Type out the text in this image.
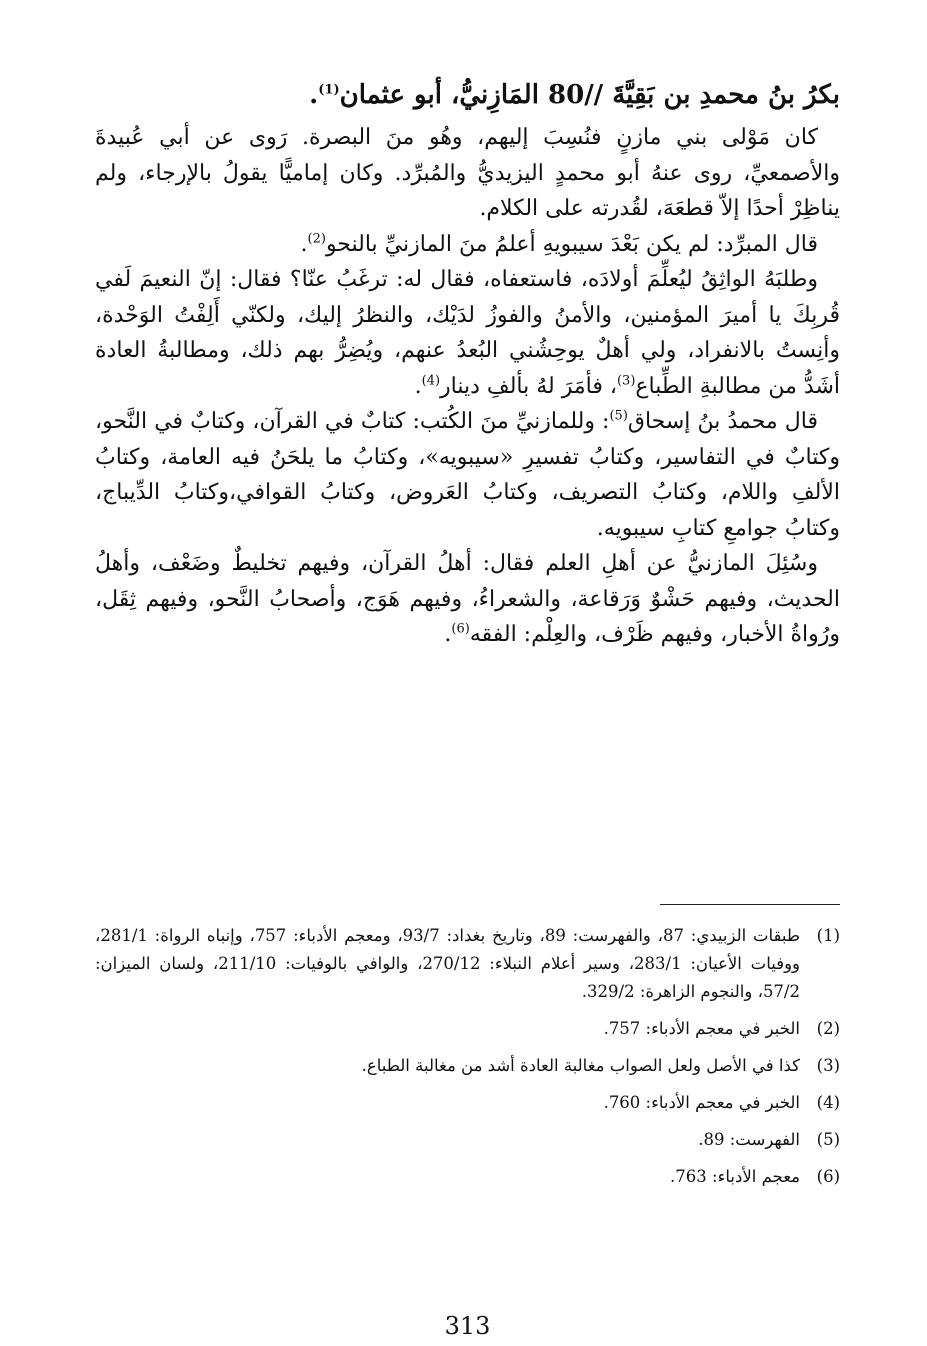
بكرُ بنُ محمدِ بن بَقِيَّةَ //80 المَازِنيُّ، أبو عثمان$^{(1)}$.

كان مَوْلى بني مازنٍ فنُسِبَ إليهم، وهُو منَ البصرة. رَوى عن أبي عُبيدةَ والأصمعيِّ، روى عنهُ أبو محمدٍ اليزيديُّ والمُبرِّد. وكان إماميًّا يقولُ بالإرجاء، ولم يناظِرْ أحدًا إلاّ قطعَهَ، لقُدرته على الكلام.

قال المبرِّد: لم يكن بَعْدَ سيبويهِ أعلمُ منَ المازنيِّ بالنحو$^{(2)}$.

وطلبَهُ الواثِقُ ليُعلِّمَ أولادَه، فاستعفاه، فقال له: ترغَبُ عنّا؟ فقال: إنّ النعيمَ لَفي قُربِكَ يا أميرَ المؤمنين، والأمنُ والفوزُ لدَيْك، والنظرُ إليك، ولكنّي أَلِفْتُ الوَحْدة، وأنِستُ بالانفراد، ولي أهلٌ يوحِشُني البُعدُ عنهم، ويُضِرُّ بهم ذلك، ومطالبةُ العادة أشَدُّ من مطالبةِ الطِّباع$^{(3)}$، فأمَرَ لهُ بألفِ دينار$^{(4)}$.

قال محمدُ بنُ إسحاق$^{(5)}$: وللمازنيِّ منَ الكُتب: كتابٌ في القرآن، وكتابٌ في النَّحو، وكتابٌ في التفاسير، وكتابُ تفسيرِ «سيبويه»، وكتابُ ما يلحَنُ فيه العامة، وكتابُ الألفِ واللام، وكتابُ التصريف، وكتابُ العَروض، وكتابُ القوافي،وكتابُ الدِّيباج، وكتابُ جوامعِ كتابِ سيبويه.

وسُئِلَ المازنيُّ عن أهلِ العلم فقال: أهلُ القرآن، وفيهم تخليطٌ وضَعْف، وأهلُ الحديث، وفيهم حَشْوٌ وَرَقاعة، والشعراءُ، وفيهم هَوَج، وأصحابُ النَّحو، وفيهم ثِقَل، ورُواةُ الأخبار، وفيهم ظَرْف، والعِلْم: الفقه$^{(6)}$.

(1)
طبقات الزبيدي: 87، والفهرست: 89، وتاريخ بغداد: 93/7، ومعجم الأدباء: 757، وإنباه الرواة: 281/1، ووفيات الأعيان: 283/1، وسير أعلام النبلاء: 270/12، والوافي بالوفيات: 211/10، ولسان الميزان: 57/2، والنجوم الزاهرة: 329/2.
(2)
الخبر في معجم الأدباء: 757.
(3)
كذا في الأصل ولعل الصواب مغالبة العادة أشد من مغالبة الطباع.
(4)
الخبر في معجم الأدباء: 760.
(5)
الفهرست: 89.
(6)
معجم الأدباء: 763.
313
